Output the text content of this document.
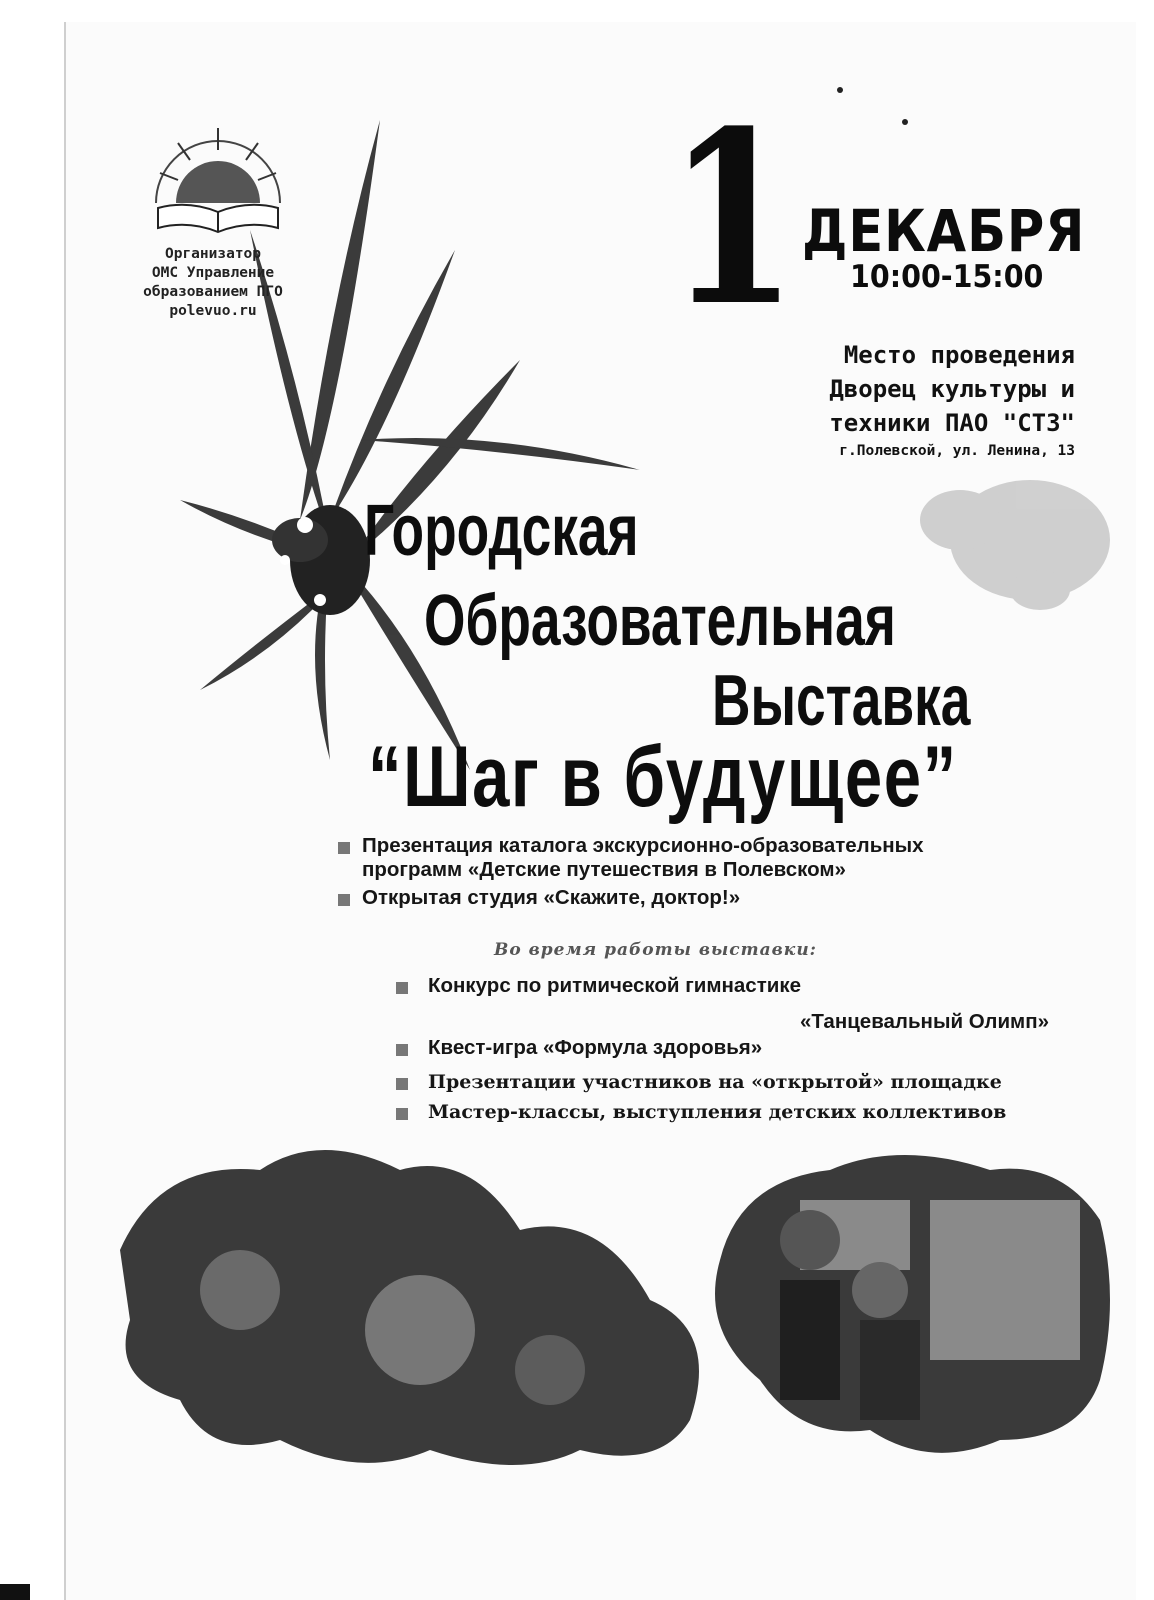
Организатор
ОМС Управление
образованием ПГО
polevuo.ru 1 ДЕКАБРЯ
10:00-15:00
Место проведения
Дворец культуры и
техники ПАО "СТЗ"
г.Полевской, ул. Ленина, 13
Городская
Образовательная
Выставка
“Шаг в будущее”
Презентация каталога экскурсионно-образовательных
программ «Детские путешествия в Полевском»
Открытая студия «Скажите, доктор!»
Во время работы выставки:
Конкурс по ритмической гимнастике
«Танцевальный Олимп»
Квест-игра «Формула здоровья»
Презентации участников на «открытой» площадке
Мастер-классы, выступления детских коллективов
